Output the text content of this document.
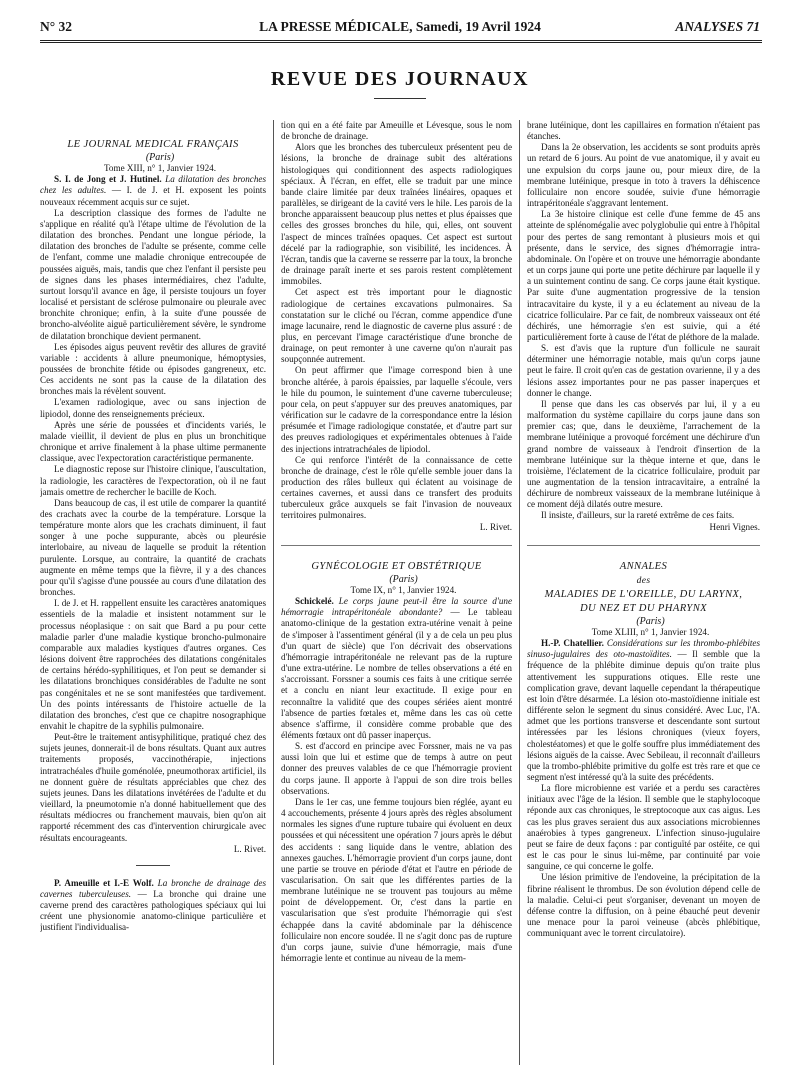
N° 32	LA PRESSE MÉDICALE, Samedi, 19 Avril 1924	ANALYSES 71
REVUE DES JOURNAUX

LE JOURNAL MEDICAL FRANÇAIS

(Paris)

Tome XIII, n° 1, Janvier 1924.

S. I. de Jong et J. Hutinel. La dilatation des bronches chez les adultes. — I. de J. et H. exposent les points nouveaux récemment acquis sur ce sujet.

La description classique des formes de l'adulte ne s'applique en réalité qu'à l'étape ultime de l'évolution de la dilatation des bronches. Pendant une longue période, la dilatation des bronches de l'adulte se présente, comme celle de l'enfant, comme une maladie chronique entrecoupée de poussées aiguës, mais, tandis que chez l'enfant il persiste peu de signes dans les phases intermédiaires, chez l'adulte, surtout lorsqu'il avance en âge, il persiste toujours un foyer localisé et persistant de sclérose pulmonaire ou pleurale avec bronchite chronique; enfin, à la suite d'une poussée de broncho-alvéolite aiguë particulièrement sévère, le syndrome de dilatation bronchique devient permanent.

Les épisodes aigus peuvent revêtir des allures de gravité variable : accidents à allure pneumonique, hémoptysies, poussées de bronchite fétide ou épisodes gangreneux, etc. Ces accidents ne sont pas la cause de la dilatation des bronches mais la révèlent souvent.

L'examen radiologique, avec ou sans injection de lipiodol, donne des renseignements précieux.

Après une série de poussées et d'incidents variés, le malade vieillit, il devient de plus en plus un bronchitique chronique et arrive finalement à la phase ultime permanente classique, avec l'expectoration caractéristique permanente.

Le diagnostic repose sur l'histoire clinique, l'auscultation, la radiologie, les caractères de l'expectoration, où il ne faut jamais omettre de rechercher le bacille de Koch.

Dans beaucoup de cas, il est utile de comparer la quantité des crachats avec la courbe de la température. Lorsque la température monte alors que les crachats diminuent, il faut songer à une poche suppurante, abcès ou pleurésie interlobaire, au niveau de laquelle se produit la rétention purulente. Lorsque, au contraire, la quantité de crachats augmente en même temps que la fièvre, il y a des chances pour qu'il s'agisse d'une poussée au cours d'une dilatation des bronches.

I. de J. et H. rappellent ensuite les caractères anatomiques essentiels de la maladie et insistent notamment sur le processus néoplasique : on sait que Bard a pu pour cette maladie parler d'une maladie kystique broncho-pulmonaire comparable aux maladies kystiques d'autres organes. Ces lésions doivent être rapprochées des dilatations congénitales de certains hérédo-syphilitiques, et l'on peut se demander si les dilatations bronchiques considérables de l'adulte ne sont pas congénitales et ne se sont manifestées que tardivement. Un des points intéressants de l'histoire actuelle de la dilatation des bronches, c'est que ce chapitre nosographique envahit le chapitre de la syphilis pulmonaire.

Peut-être le traitement antisyphilitique, pratiqué chez des sujets jeunes, donnerait-il de bons résultats. Quant aux autres traitements proposés, vaccinothérapie, injections intratrachéales d'huile goménolée, pneumothorax artificiel, ils ne donnent guère de résultats appréciables que chez des sujets jeunes. Dans les dilatations invétérées de l'adulte et du vieillard, la pneumotomie n'a donné habituellement que des résultats médiocres ou franchement mauvais, bien qu'on ait rapporté récemment des cas d'intervention chirurgicale avec résultats encourageants.

L. Rivet.

P. Ameuille et I.-E Wolf. La bronche de drainage des cavernes tuberculeuses. — La bronche qui draine une caverne prend des caractères pathologiques spéciaux qui lui créent une physionomie anatomo-clinique particulière et justifient l'individualisa-

tion qui en a été faite par Ameuille et Lévesque, sous le nom de bronche de drainage.

Alors que les bronches des tuberculeux présentent peu de lésions, la bronche de drainage subit des altérations histologiques qui conditionnent des aspects radiologiques spéciaux. À l'écran, en effet, elle se traduit par une mince bande claire limitée par deux traînées linéaires, opaques et parallèles, se dirigeant de la cavité vers le hile. Les parois de la bronche apparaissent beaucoup plus nettes et plus épaisses que celles des grosses bronches du hile, qui, elles, ont souvent l'aspect de minces traînées opaques. Cet aspect est surtout décelé par la radiographie, son visibilité, les incidences. À l'écran, tandis que la caverne se resserre par la toux, la bronche de drainage paraît inerte et ses parois restent complètement immobiles.

Cet aspect est très important pour le diagnostic radiologique de certaines excavations pulmonaires. Sa constatation sur le cliché ou l'écran, comme appendice d'une image lacunaire, rend le diagnostic de caverne plus assuré : de plus, en percevant l'image caractéristique d'une bronche de drainage, on peut remonter à une caverne qu'on n'aurait pas soupçonnée autrement.

On peut affirmer que l'image correspond bien à une bronche altérée, à parois épaissies, par laquelle s'écoule, vers le hile du poumon, le suintement d'une caverne tuberculeuse; pour cela, on peut s'appuyer sur des preuves anatomiques, par vérification sur le cadavre de la correspondance entre la lésion présumée et l'image radiologique constatée, et d'autre part sur des preuves radiologiques et expérimentales obtenues à l'aide des injections intratrachéales de lipiodol.

Ce qui renforce l'intérêt de la connaissance de cette bronche de drainage, c'est le rôle qu'elle semble jouer dans la production des râles bulleux qui éclatent au voisinage de certaines cavernes, et aussi dans ce transfert des produits tuberculeux grâce auxquels se fait l'invasion de nouveaux territoires pulmonaires.

L. Rivet.

GYNÉCOLOGIE ET OBSTÉTRIQUE

(Paris)

Tome IX, n° 1, Janvier 1924.

Schickelé. Le corps jaune peut-il être la source d'une hémorragie intrapéritonéale abondante? — Le tableau anatomo-clinique de la gestation extra-utérine venait à peine de s'imposer à l'assentiment général (il y a de cela un peu plus d'un quart de siècle) que l'on décrivait des observations d'hémorragie intrapéritonéale ne relevant pas de la rupture d'une extra-utérine. Le nombre de telles observations a été en s'accroissant. Forssner a soumis ces faits à une critique serrée et a conclu en niant leur exactitude. Il exige pour en reconnaître la validité que des coupes sériées aient montré l'absence de parties fœtales et, même dans les cas où cette absence s'affirme, il considère comme probable que des éléments fœtaux ont dû passer inaperçus.

S. est d'accord en principe avec Forssner, mais ne va pas aussi loin que lui et estime que de temps à autre on peut donner des preuves valables de ce que l'hémorragie provient du corps jaune. Il apporte à l'appui de son dire trois belles observations.

Dans le 1er cas, une femme toujours bien réglée, ayant eu 4 accouchements, présente 4 jours après des règles absolument normales les signes d'une rupture tubaire qui évoluent en deux poussées et qui nécessitent une opération 7 jours après le début des accidents : sang liquide dans le ventre, ablation des annexes gauches. L'hémorragie provient d'un corps jaune, dont une partie se trouve en période d'état et l'autre en période de vascularisation. On sait que les différentes parties de la membrane lutéinique ne se trouvent pas toujours au même point de développement. Or, c'est dans la partie en vascularisation que s'est produite l'hémorragie qui s'est échappée dans la cavité abdominale par la déhiscence folliculaire non encore soudée. Il ne s'agit donc pas de rupture d'un corps jaune, suivie d'une hémorragie, mais d'une hémorragie lente et continue au niveau de la mem-

brane lutéinique, dont les capillaires en formation n'étaient pas étanches.

Dans la 2e observation, les accidents se sont produits après un retard de 6 jours. Au point de vue anatomique, il y avait eu une expulsion du corps jaune ou, pour mieux dire, de la membrane lutéinique, presque in toto à travers la déhiscence folliculaire non encore soudée, suivie d'une hémorragie intrapéritonéale s'aggravant lentement.

La 3e histoire clinique est celle d'une femme de 45 ans atteinte de splénomégalie avec polyglobulie qui entre à l'hôpital pour des pertes de sang remontant à plusieurs mois et qui présente, dans le service, des signes d'hémorragie intra-abdominale. On l'opère et on trouve une hémorragie abondante et un corps jaune qui porte une petite déchirure par laquelle il y a un suintement continu de sang. Ce corps jaune était kystique. Par suite d'une augmentation progressive de la tension intracavitaire du kyste, il y a eu éclatement au niveau de la cicatrice folliculaire. Par ce fait, de nombreux vaisseaux ont été déchirés, une hémorragie s'en est suivie, qui a été particulièrement forte à cause de l'état de pléthore de la malade.

S. est d'avis que la rupture d'un follicule ne saurait déterminer une hémorragie notable, mais qu'un corps jaune peut le faire. Il croit qu'en cas de gestation ovarienne, il y a des lésions assez importantes pour ne pas passer inaperçues et donner le change.

Il pense que dans les cas observés par lui, il y a eu malformation du système capillaire du corps jaune dans son premier cas; que, dans le deuxième, l'arrachement de la membrane lutéinique a provoqué forcément une déchirure d'un grand nombre de vaisseaux à l'endroit d'insertion de la membrane lutéinique sur la thèque interne et que, dans le troisième, l'éclatement de la cicatrice folliculaire, produit par une augmentation de la tension intracavitaire, a entraîné la déchirure de nombreux vaisseaux de la membrane lutéinique à ce moment déjà dilatés outre mesure.

Il insiste, d'ailleurs, sur la rareté extrême de ces faits.

Henri Vignes.

ANNALES

des

MALADIES DE L'OREILLE, DU LARYNX,

DU NEZ ET DU PHARYNX

(Paris)

Tome XLIII, n° 1, Janvier 1924.

H.-P. Chatellier. Considérations sur les thrombo-phlébites sinuso-jugulaires des oto-mastoïdites. — Il semble que la fréquence de la phlébite diminue depuis qu'on traite plus attentivement les suppurations otiques. Elle reste une complication grave, devant laquelle cependant la thérapeutique est loin d'être désarmée. La lésion oto-mastoïdienne initiale est différente selon le segment du sinus considéré. Avec Luc, l'A. admet que les portions transverse et descendante sont surtout intéressées par les lésions chroniques (vieux foyers, cholestéatomes) et que le golfe souffre plus immédiatement des lésions aiguës de la caisse. Avec Sebileau, il reconnaît d'ailleurs que la trombo-phlébite primitive du golfe est très rare et que ce segment n'est intéressé qu'à la suite des précédents.

La flore microbienne est variée et a perdu ses caractères initiaux avec l'âge de la lésion. Il semble que le staphylocoque réponde aux cas chroniques, le streptocoque aux cas aigus. Les cas les plus graves seraient dus aux associations microbiennes anaérobies à types gangreneux. L'infection sinuso-jugulaire peut se faire de deux façons : par contiguïté par ostéite, ce qui est le cas pour le sinus lui-même, par continuité par voie sanguine, ce qui concerne le golfe.

Une lésion primitive de l'endoveine, la précipitation de la fibrine réalisent le thrombus. De son évolution dépend celle de la maladie. Celui-ci peut s'organiser, devenant un moyen de défense contre la diffusion, on à peine ébauché peut devenir une menace pour la paroi veineuse (abcès phlébitique, communiquant avec le torrent circulatoire).
